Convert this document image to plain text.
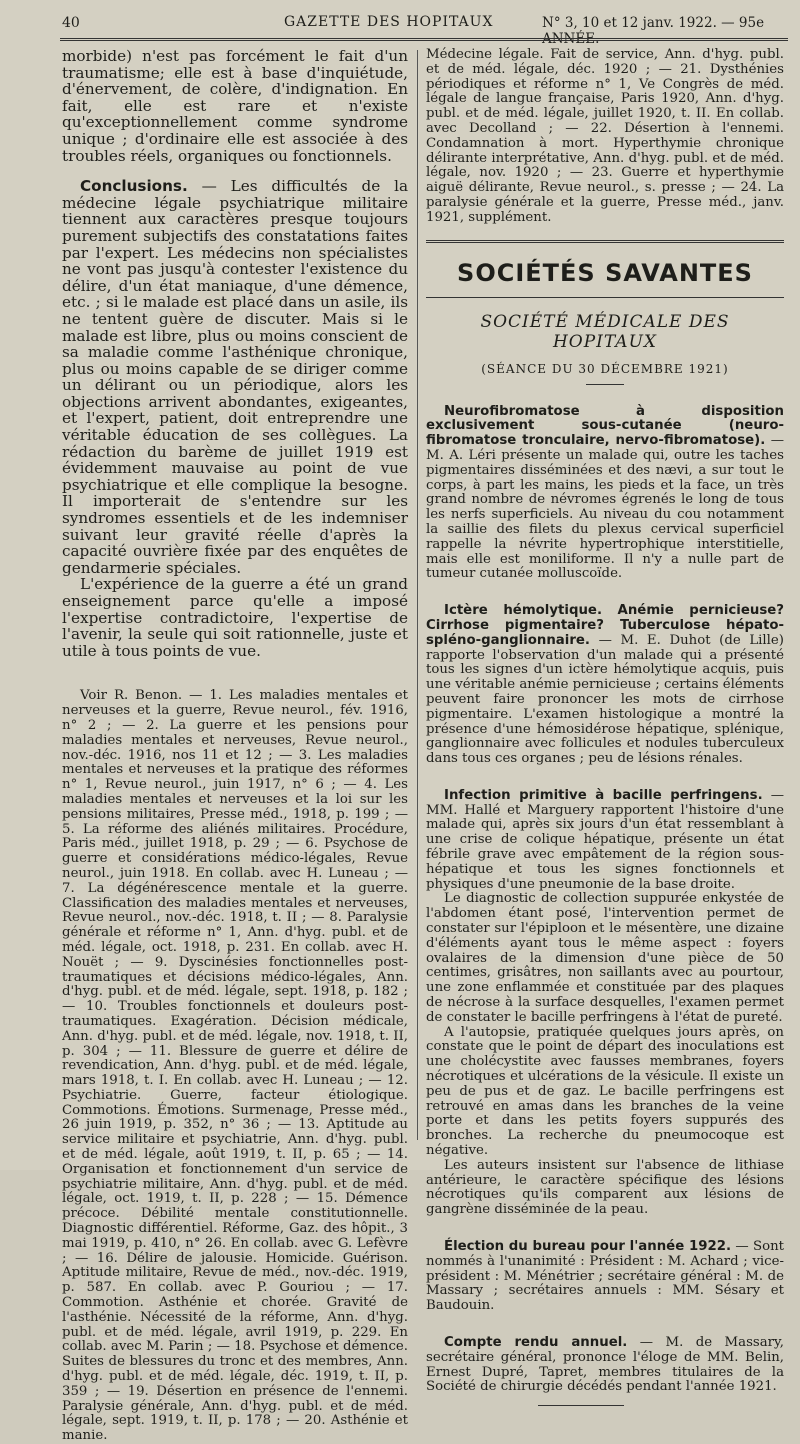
40	GAZETTE DES HOPITAUX	N° 3, 10 et 12 janv. 1922. — 95e ANNÉE.

morbide) n'est pas forcément le fait d'un traumatisme; elle est à base d'inquiétude, d'énervement, de colère, d'indignation. En fait, elle est rare et n'existe qu'exceptionnellement comme syndrome unique ; d'ordinaire elle est associée à des troubles réels, organiques ou fonctionnels.

Conclusions. — Les difficultés de la médecine légale psychiatrique militaire tiennent aux caractères presque toujours purement subjectifs des constatations faites par l'expert. Les médecins non spécialistes ne vont pas jusqu'à contester l'existence du délire, d'un état maniaque, d'une démence, etc. ; si le malade est placé dans un asile, ils ne tentent guère de discuter. Mais si le malade est libre, plus ou moins conscient de sa maladie comme l'asthénique chronique, plus ou moins capable de se diriger comme un délirant ou un périodique, alors les objections arrivent abondantes, exigeantes, et l'expert, patient, doit entreprendre une véritable éducation de ses collègues. La rédaction du barème de juillet 1919 est évidemment mauvaise au point de vue psychiatrique et elle complique la besogne. Il importerait de s'entendre sur les syndromes essentiels et de les indemniser suivant leur gravité réelle d'après la capacité ouvrière fixée par des enquêtes de gendarmerie spéciales.

L'expérience de la guerre a été un grand enseignement parce qu'elle a imposé l'expertise contradictoire, l'expertise de l'avenir, la seule qui soit rationnelle, juste et utile à tous points de vue.

Voir R. Benon. — 1. Les maladies mentales et nerveuses et la guerre, Revue neurol., fév. 1916, n° 2 ; — 2. La guerre et les pensions pour maladies mentales et nerveuses, Revue neurol., nov.-déc. 1916, nos 11 et 12 ; — 3. Les maladies mentales et nerveuses et la pratique des réformes n° 1, Revue neurol., juin 1917, n° 6 ; — 4. Les maladies mentales et nerveuses et la loi sur les pensions militaires, Presse méd., 1918, p. 199 ; — 5. La réforme des aliénés militaires. Procédure, Paris méd., juillet 1918, p. 29 ; — 6. Psychose de guerre et considérations médico-légales, Revue neurol., juin 1918. En collab. avec H. Luneau ; — 7. La dégénérescence mentale et la guerre. Classification des maladies mentales et nerveuses, Revue neurol., nov.-déc. 1918, t. II ; — 8. Paralysie générale et réforme n° 1, Ann. d'hyg. publ. et de méd. légale, oct. 1918, p. 231. En collab. avec H. Nouët ; — 9. Dyscinésies fonctionnelles post-traumatiques et décisions médico-légales, Ann. d'hyg. publ. et de méd. légale, sept. 1918, p. 182 ; — 10. Troubles fonctionnels et douleurs post-traumatiques. Exagération. Décision médicale, Ann. d'hyg. publ. et de méd. légale, nov. 1918, t. II, p. 304 ; — 11. Blessure de guerre et délire de revendication, Ann. d'hyg. publ. et de méd. légale, mars 1918, t. I. En collab. avec H. Luneau ; — 12. Psychiatrie. Guerre, facteur étiologique. Commotions. Émotions. Surmenage, Presse méd., 26 juin 1919, p. 352, n° 36 ; — 13. Aptitude au service militaire et psychiatrie, Ann. d'hyg. publ. et de méd. légale, août 1919, t. II, p. 65 ; — 14. Organisation et fonctionnement d'un service de psychiatrie militaire, Ann. d'hyg. publ. et de méd. légale, oct. 1919, t. II, p. 228 ; — 15. Démence précoce. Débilité mentale constitutionnelle. Diagnostic différentiel. Réforme, Gaz. des hôpit., 3 mai 1919, p. 410, n° 26. En collab. avec G. Lefèvre ; — 16. Délire de jalousie. Homicide. Guérison. Aptitude militaire, Revue de méd., nov.-déc. 1919, p. 587. En collab. avec P. Gouriou ; — 17. Commotion. Asthénie et chorée. Gravité de l'asthénie. Nécessité de la réforme, Ann. d'hyg. publ. et de méd. légale, avril 1919, p. 229. En collab. avec M. Parin ; — 18. Psychose et démence. Suites de blessures du tronc et des membres, Ann. d'hyg. publ. et de méd. légale, déc. 1919, t. II, p. 359 ; — 19. Désertion en présence de l'ennemi. Paralysie générale, Ann. d'hyg. publ. et de méd. légale, sept. 1919, t. II, p. 178 ; — 20. Asthénie et manie.

Médecine légale. Fait de service, Ann. d'hyg. publ. et de méd. légale, déc. 1920 ; — 21. Dysthénies périodiques et réforme n° 1, Ve Congrès de méd. légale de langue française, Paris 1920, Ann. d'hyg. publ. et de méd. légale, juillet 1920, t. II. En collab. avec Decolland ; — 22. Désertion à l'ennemi. Condamnation à mort. Hyperthymie chronique délirante interprétative, Ann. d'hyg. publ. et de méd. légale, nov. 1920 ; — 23. Guerre et hyperthymie aiguë délirante, Revue neurol., s. presse ; — 24. La paralysie générale et la guerre, Presse méd., janv. 1921, supplément.

SOCIÉTÉS SAVANTES
SOCIÉTÉ MÉDICALE DES HOPITAUX
(SÉANCE DU 30 DÉCEMBRE 1921)

Neurofibromatose à disposition exclusivement sous-cutanée (neuro-fibromatose tronculaire, nervo-fibromatose). — M. A. Léri présente un malade qui, outre les taches pigmentaires disséminées et des nævi, a sur tout le corps, à part les mains, les pieds et la face, un très grand nombre de névromes égrenés le long de tous les nerfs superficiels. Au niveau du cou notamment la saillie des filets du plexus cervical superficiel rappelle la névrite hypertrophique interstitielle, mais elle est moniliforme. Il n'y a nulle part de tumeur cutanée molluscoïde.

Ictère hémolytique. Anémie pernicieuse? Cirrhose pigmentaire? Tuberculose hépato-spléno-ganglionnaire. — M. E. Duhot (de Lille) rapporte l'observation d'un malade qui a présenté tous les signes d'un ictère hémolytique acquis, puis une véritable anémie pernicieuse ; certains éléments peuvent faire prononcer les mots de cirrhose pigmentaire. L'examen histologique a montré la présence d'une hémosidérose hépatique, splénique, ganglionnaire avec follicules et nodules tuberculeux dans tous ces organes ; peu de lésions rénales.

Infection primitive à bacille perfringens. — MM. Hallé et Marguery rapportent l'histoire d'une malade qui, après six jours d'un état ressemblant à une crise de colique hépatique, présente un état fébrile grave avec empâtement de la région sous-hépatique et tous les signes fonctionnels et physiques d'une pneumonie de la base droite.

Le diagnostic de collection suppurée enkystée de l'abdomen étant posé, l'intervention permet de constater sur l'épiploon et le mésentère, une dizaine d'éléments ayant tous le même aspect : foyers ovalaires de la dimension d'une pièce de 50 centimes, grisâtres, non saillants avec au pourtour, une zone enflammée et constituée par des plaques de nécrose à la surface desquelles, l'examen permet de constater le bacille perfringens à l'état de pureté.

A l'autopsie, pratiquée quelques jours après, on constate que le point de départ des inoculations est une cholécystite avec fausses membranes, foyers nécrotiques et ulcérations de la vésicule. Il existe un peu de pus et de gaz. Le bacille perfringens est retrouvé en amas dans les branches de la veine porte et dans les petits foyers suppurés des bronches. La recherche du pneumocoque est négative.

Les auteurs insistent sur l'absence de lithiase antérieure, le caractère spécifique des lésions nécrotiques qu'ils comparent aux lésions de gangrène disséminée de la peau.

Élection du bureau pour l'année 1922. — Sont nommés à l'unanimité : Président : M. Achard ; vice-président : M. Ménétrier ; secrétaire général : M. de Massary ; secrétaires annuels : MM. Sésary et Baudouin.

Compte rendu annuel. — M. de Massary, secrétaire général, prononce l'éloge de MM. Belin, Ernest Dupré, Tapret, membres titulaires de la Société de chirurgie décédés pendant l'année 1921.
